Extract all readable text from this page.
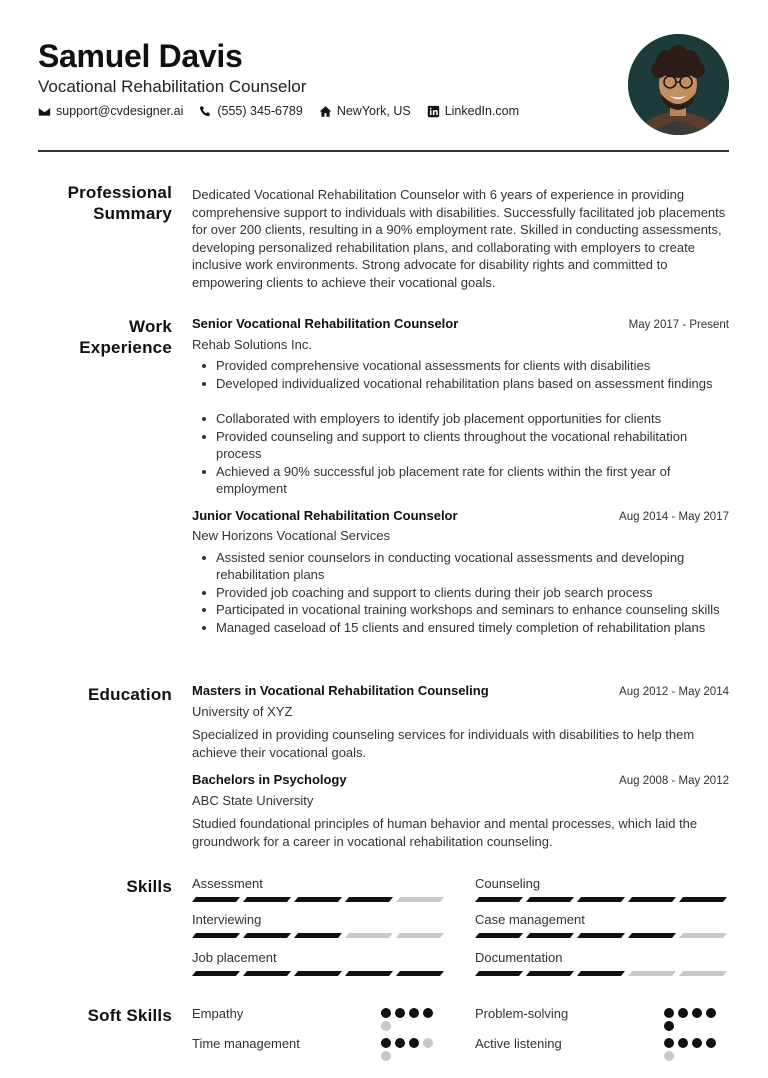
Samuel Davis
Vocational Rehabilitation Counselor
support@cvdesigner.ai	(555) 345-6789	NewYork, US	LinkedIn.com
Professional
Summary

Dedicated Vocational Rehabilitation Counselor with 6 years of experience in providing comprehensive support to individuals with disabilities. Successfully facilitated job placements for over 200 clients, resulting in a 90% employment rate. Skilled in conducting assessments, developing personalized rehabilitation plans, and collaborating with employers to create inclusive work environments. Strong advocate for disability rights and committed to empowering clients to achieve their vocational goals.

Work
Experience
Senior Vocational Rehabilitation Counselor	May 2017 - Present
Rehab Solutions Inc.
Provided comprehensive vocational assessments for clients with disabilities
Developed individualized vocational rehabilitation plans based on assessment findings
Collaborated with employers to identify job placement opportunities for clients
Provided counseling and support to clients throughout the vocational rehabilitation process
Achieved a 90% successful job placement rate for clients within the first year of employment
Junior Vocational Rehabilitation Counselor	Aug 2014 - May 2017
New Horizons Vocational Services
Assisted senior counselors in conducting vocational assessments and developing rehabilitation plans
Provided job coaching and support to clients during their job search process
Participated in vocational training workshops and seminars to enhance counseling skills
Managed caseload of 15 clients and ensured timely completion of rehabilitation plans
Education Masters in Vocational Rehabilitation Counseling	Aug 2012 - May 2014
University of XYZ

Specialized in providing counseling services for individuals with disabilities to help them achieve their vocational goals.

Bachelors in Psychology	Aug 2008 - May 2012
ABC State University

Studied foundational principles of human behavior and mental processes, which laid the groundwork for a career in vocational rehabilitation counseling.

Skills Assessment	Counseling
Interviewing	Case management
Job placement	Documentation
Soft Skills Empathy	Problem-solving
Time management	Active listening
